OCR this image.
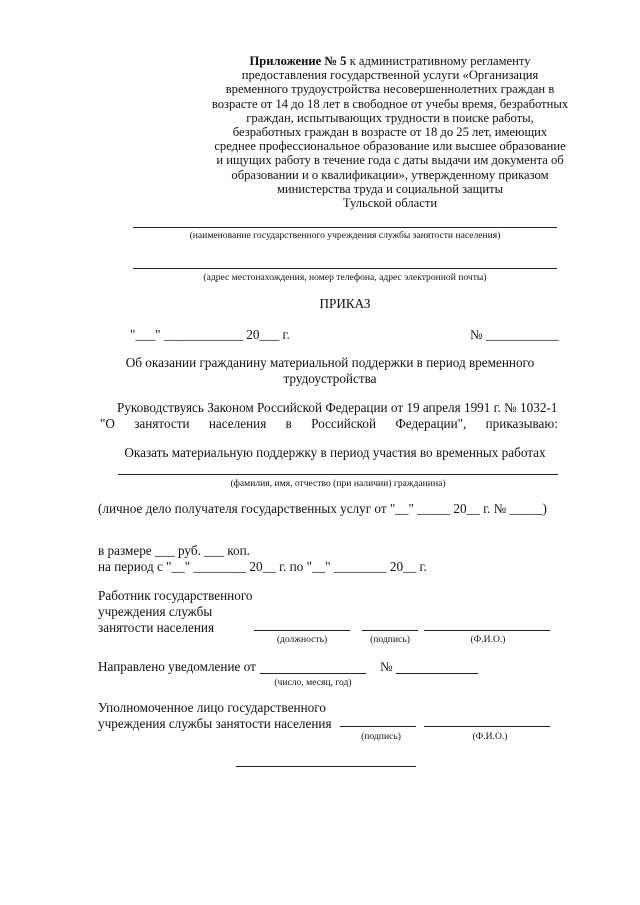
Приложение № 5 к административному регламенту
предоставления государственной услуги «Организация
временного трудоустройства несовершеннолетних граждан в
возрасте от 14 до 18 лет в свободное от учебы время, безработных
граждан, испытывающих трудности в поиске работы,
безработных граждан в возрасте от 18 до 25 лет, имеющих
среднее профессиональное образование или высшее образование
и ищущих работу в течение года с даты выдачи им документа об
образовании и о квалификации», утвержденному приказом
министерства труда и социальной защиты
Тульской области
(наименование государственного учреждения службы занятости населения)
(адрес местонахождения, номер телефона, адрес электронной почты)
ПРИКАЗ
"___" ____________ 20___ г.	№ ___________
Об оказании гражданину материальной поддержки в период временного
трудоустройства
Руководствуясь Законом Российской Федерации от 19 апреля 1991 г. № 1032-1
"О занятости населения в Российской Федерации", приказываю:
Оказать материальную поддержку в период участия во временных работах
(фамилия, имя, отчество (при наличии) гражданина)
(личное дело получателя государственных услуг от "__" _____ 20__ г. № _____)
в размере ___ руб. ___ коп.
на период с "__" ________ 20__ г. по "__" ________ 20__ г.
Работник государственного
учреждения службы
занятости населения
(должность)	(подпись)	(Ф.И.О.)
Направлено уведомление от	№
(число, месяц, год)
Уполномоченное лицо государственного
учреждения службы занятости населения
(подпись)	(Ф.И.О.)
